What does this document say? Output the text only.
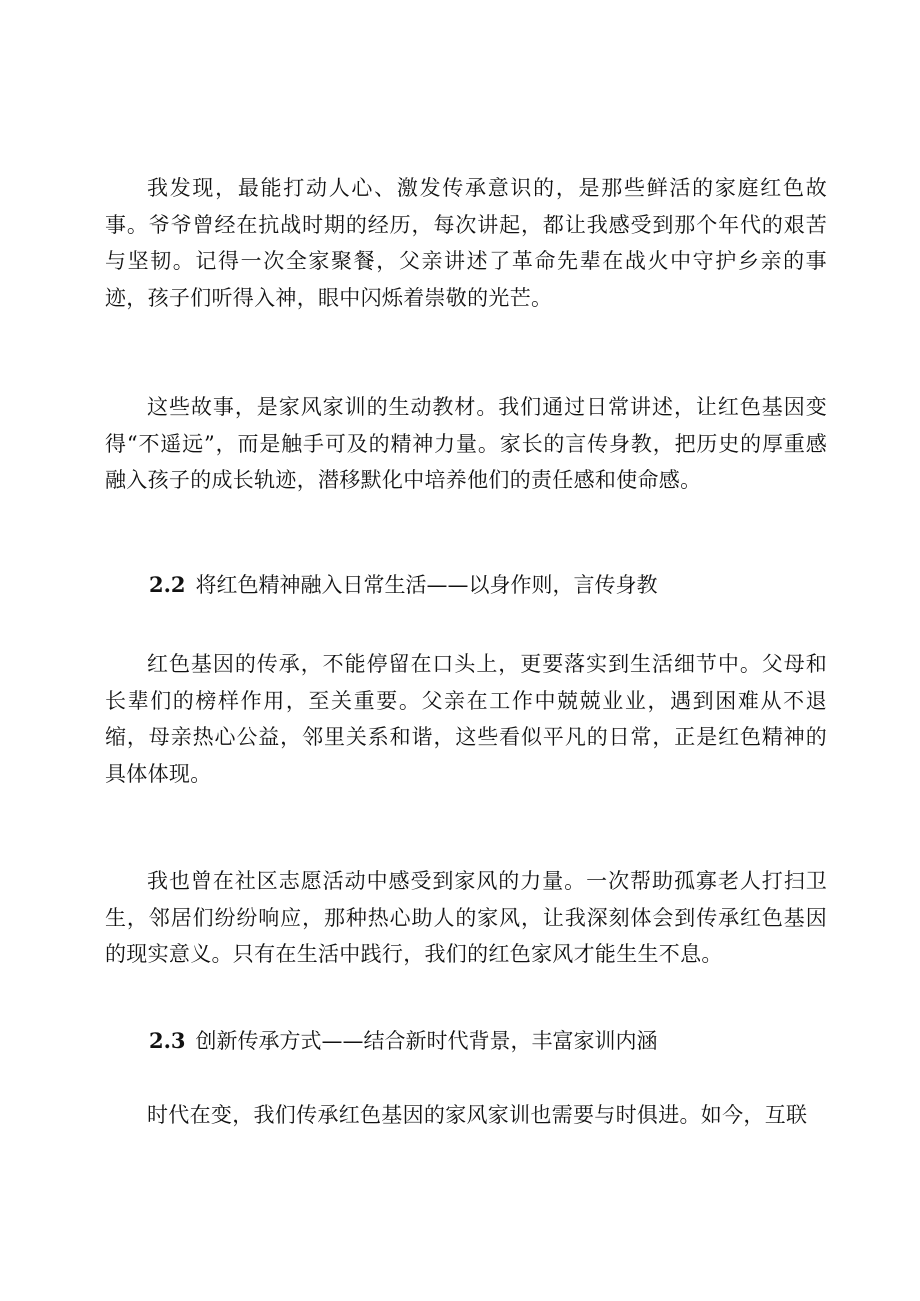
我发现，最能打动人心、激发传承意识的，是那些鲜活的家庭红色故事。爷爷曾经在抗战时期的经历，每次讲起，都让我感受到那个年代的艰苦与坚韧。记得一次全家聚餐，父亲讲述了革命先辈在战火中守护乡亲的事迹，孩子们听得入神，眼中闪烁着崇敬的光芒。

这些故事，是家风家训的生动教材。我们通过日常讲述，让红色基因变得“不遥远”，而是触手可及的精神力量。家长的言传身教，把历史的厚重感融入孩子的成长轨迹，潜移默化中培养他们的责任感和使命感。

2.2 将红色精神融入日常生活——以身作则，言传身教

红色基因的传承，不能停留在口头上，更要落实到生活细节中。父母和长辈们的榜样作用，至关重要。父亲在工作中兢兢业业，遇到困难从不退缩，母亲热心公益，邻里关系和谐，这些看似平凡的日常，正是红色精神的具体体现。

我也曾在社区志愿活动中感受到家风的力量。一次帮助孤寡老人打扫卫生，邻居们纷纷响应，那种热心助人的家风，让我深刻体会到传承红色基因的现实意义。只有在生活中践行，我们的红色家风才能生生不息。

2.3 创新传承方式——结合新时代背景，丰富家训内涵

时代在变，我们传承红色基因的家风家训也需要与时俱进。如今，互联
